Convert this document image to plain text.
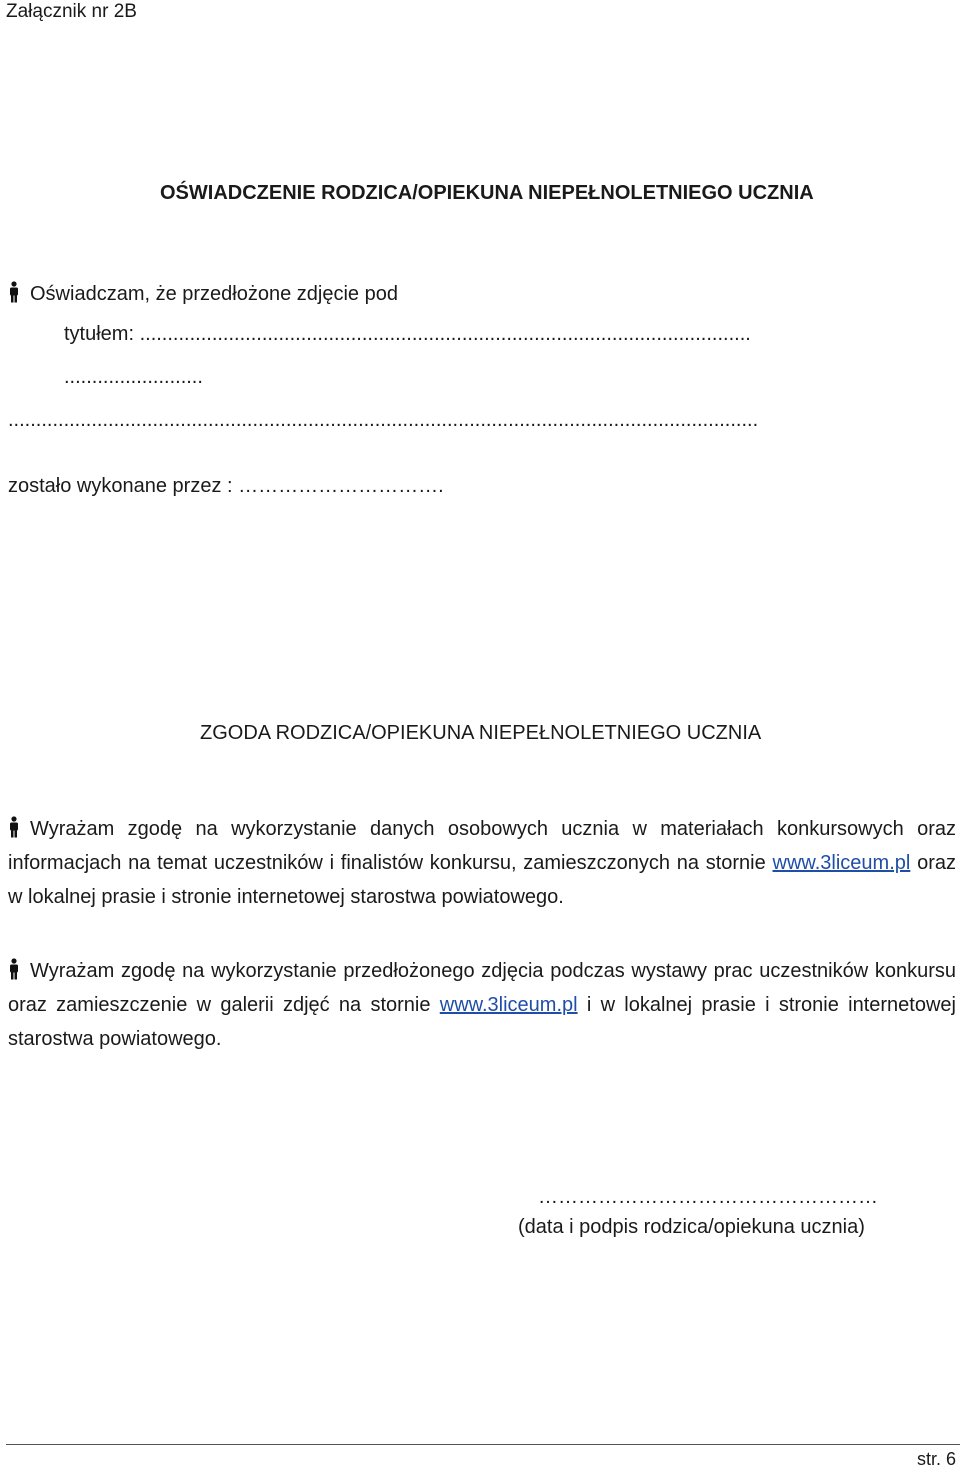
Załącznik nr 2B
OŚWIADCZENIE RODZICA/OPIEKUNA NIEPEŁNOLETNIEGO UCZNIA
Oświadczam, że przedłożone zdjęcie pod
tytułem: ..............................................................................................................
.........................
.......................................................................................................................................
zostało wykonane przez : ………………………….
ZGODA RODZICA/OPIEKUNA NIEPEŁNOLETNIEGO UCZNIA
Wyrażam zgodę na wykorzystanie danych osobowych ucznia w materiałach konkursowych oraz informacjach na temat uczestników i finalistów konkursu, zamieszczonych na stornie www.3liceum.pl oraz w lokalnej prasie i stronie internetowej starostwa powiatowego.
Wyrażam zgodę na wykorzystanie przedłożonego zdjęcia podczas wystawy prac uczestników konkursu oraz zamieszczenie w galerii zdjęć na stornie www.3liceum.pl i w lokalnej prasie i stronie internetowej starostwa powiatowego.
……………………………………………
(data i podpis rodzica/opiekuna ucznia)
str. 6
